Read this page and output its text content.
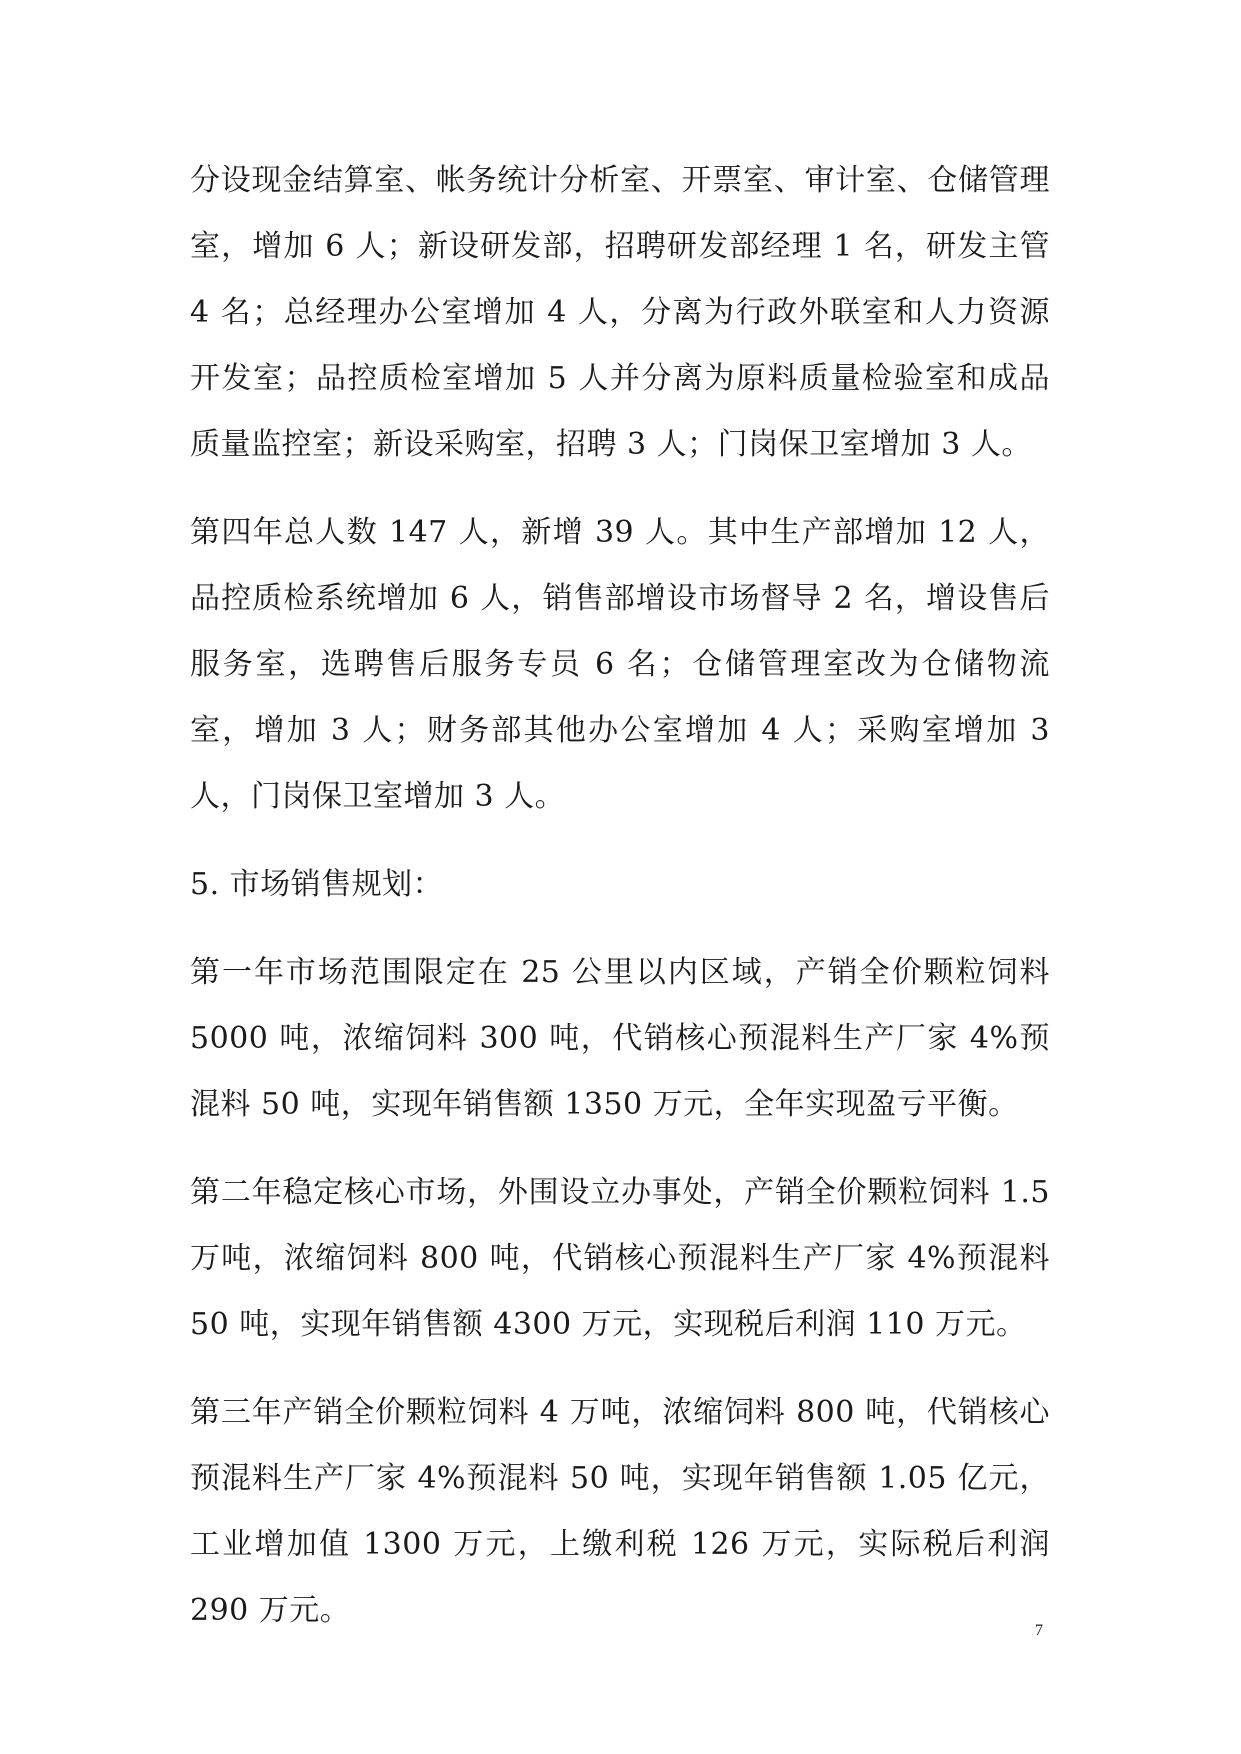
分设现金结算室、帐务统计分析室、开票室、审计室、仓储管理室，增加 6 人；新设研发部，招聘研发部经理 1 名，研发主管 4 名；总经理办公室增加 4 人，分离为行政外联室和人力资源开发室；品控质检室增加 5 人并分离为原料质量检验室和成品质量监控室；新设采购室，招聘 3 人；门岗保卫室增加 3 人。

第四年总人数 147 人，新增 39 人。其中生产部增加 12 人，品控质检系统增加 6 人，销售部增设市场督导 2 名，增设售后服务室，选聘售后服务专员 6 名；仓储管理室改为仓储物流室，增加 3 人；财务部其他办公室增加 4 人；采购室增加 3 人，门岗保卫室增加 3 人。

5. 市场销售规划：

第一年市场范围限定在 25 公里以内区域，产销全价颗粒饲料 5000 吨，浓缩饲料 300 吨，代销核心预混料生产厂家 4%预混料 50 吨，实现年销售额 1350 万元，全年实现盈亏平衡。

第二年稳定核心市场，外围设立办事处，产销全价颗粒饲料 1.5 万吨，浓缩饲料 800 吨，代销核心预混料生产厂家 4%预混料 50 吨，实现年销售额 4300 万元，实现税后利润 110 万元。

第三年产销全价颗粒饲料 4 万吨，浓缩饲料 800 吨，代销核心预混料生产厂家 4%预混料 50 吨，实现年销售额 1.05 亿元，工业增加值 1300 万元，上缴利税 126 万元，实际税后利润 290 万元。

7
